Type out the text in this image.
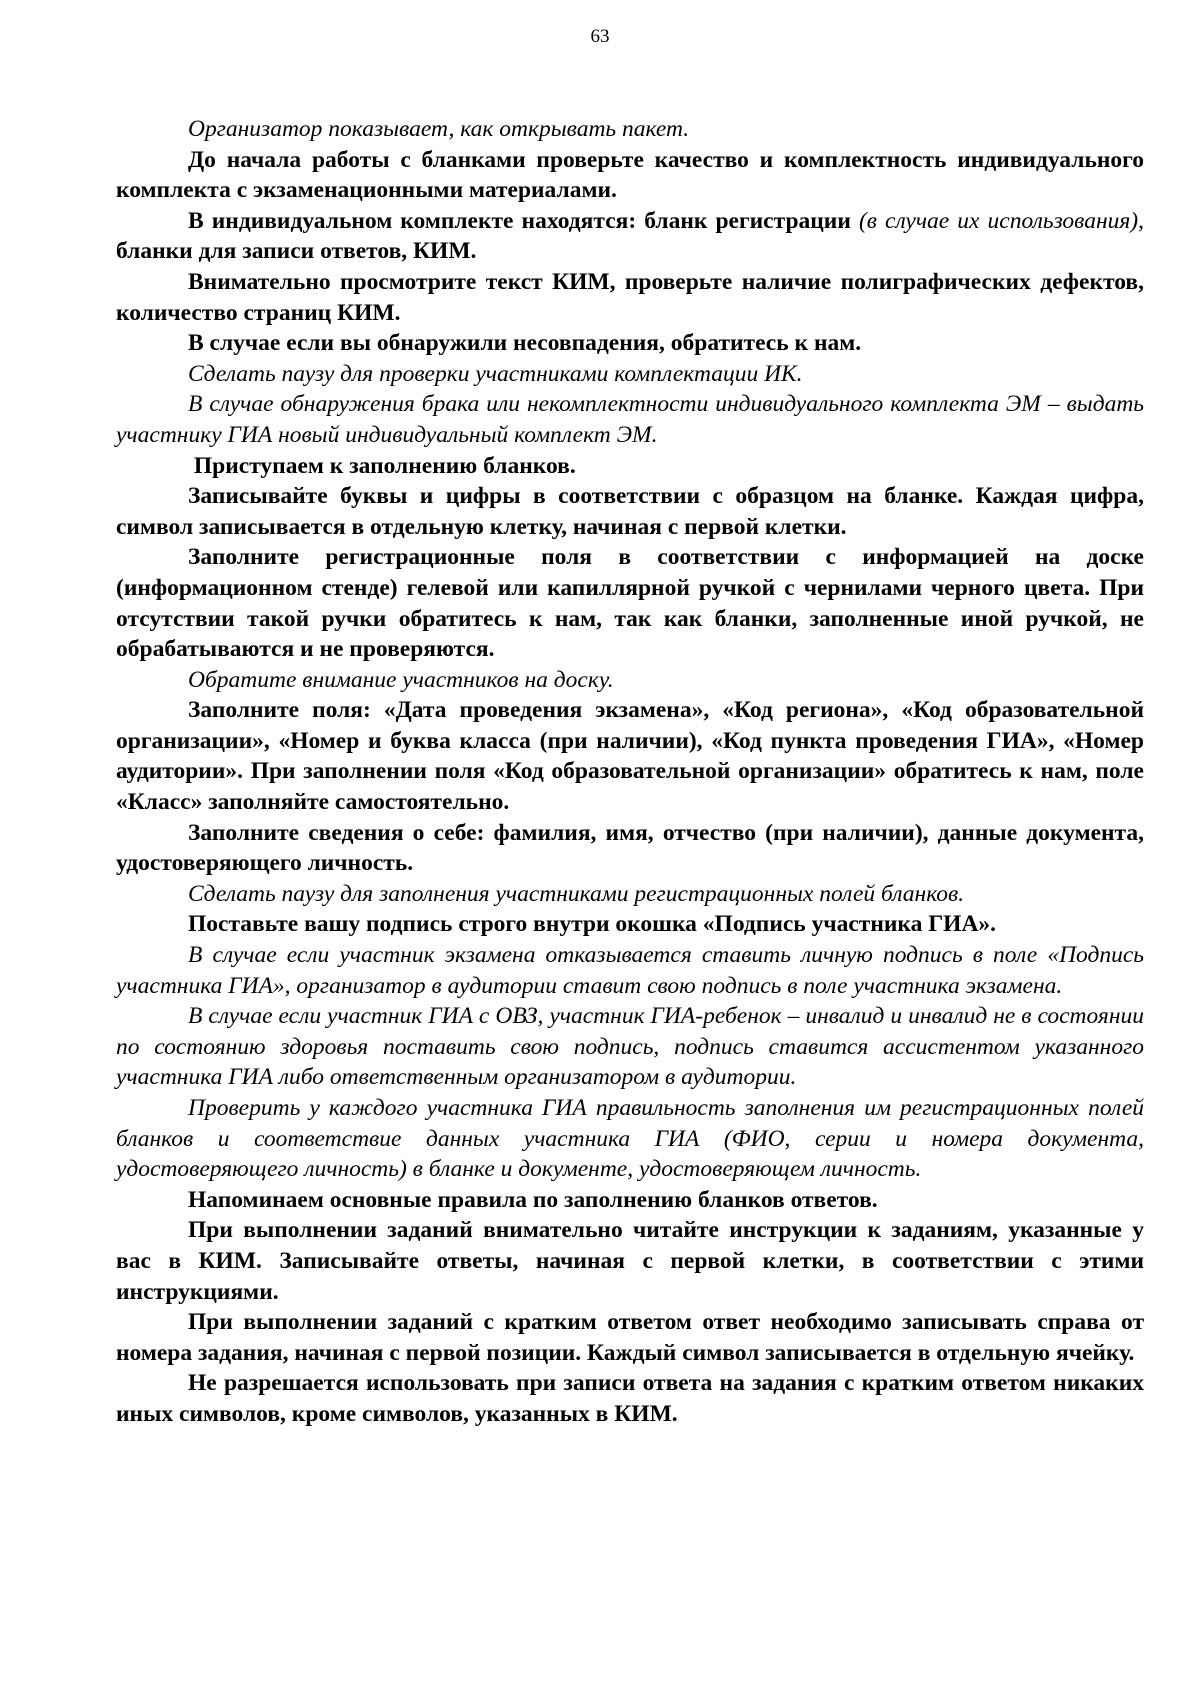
63

Организатор показывает, как открывать пакет.

До начала работы с бланками проверьте качество и комплектность индивидуального комплекта с экзаменационными материалами.

В индивидуальном комплекте находятся: бланк регистрации (в случае их использования), бланки для записи ответов, КИМ.

Внимательно просмотрите текст КИМ, проверьте наличие полиграфических дефектов, количество страниц КИМ.

В случае если вы обнаружили несовпадения, обратитесь к нам.

Сделать паузу для проверки участниками комплектации ИК.

В случае обнаружения брака или некомплектности индивидуального комплекта ЭМ – выдать участнику ГИА новый индивидуальный комплект ЭМ.

Приступаем к заполнению бланков.

Записывайте буквы и цифры в соответствии с образцом на бланке. Каждая цифра, символ записывается в отдельную клетку, начиная с первой клетки.

Заполните регистрационные поля в соответствии с информацией на доске (информационном стенде) гелевой или капиллярной ручкой с чернилами черного цвета. При отсутствии такой ручки обратитесь к нам, так как бланки, заполненные иной ручкой, не обрабатываются и не проверяются.

Обратите внимание участников на доску.

Заполните поля: «Дата проведения экзамена», «Код региона», «Код образовательной организации», «Номер и буква класса (при наличии), «Код пункта проведения ГИА», «Номер аудитории». При заполнении поля «Код образовательной организации» обратитесь к нам, поле «Класс» заполняйте самостоятельно.

Заполните сведения о себе: фамилия, имя, отчество (при наличии), данные документа, удостоверяющего личность.

Сделать паузу для заполнения участниками регистрационных полей бланков.

Поставьте вашу подпись строго внутри окошка «Подпись участника ГИА».

В случае если участник экзамена отказывается ставить личную подпись в поле «Подпись участника ГИА», организатор в аудитории ставит свою подпись в поле участника экзамена.

В случае если участник ГИА с ОВЗ, участник ГИА-ребенок – инвалид и инвалид не в состоянии по состоянию здоровья поставить свою подпись, подпись ставится ассистентом указанного участника ГИА либо ответственным организатором в аудитории.

Проверить у каждого участника ГИА правильность заполнения им регистрационных полей бланков и соответствие данных участника ГИА (ФИО, серии и номера документа, удостоверяющего личность) в бланке и документе, удостоверяющем личность.

Напоминаем основные правила по заполнению бланков ответов.

При выполнении заданий внимательно читайте инструкции к заданиям, указанные у вас в КИМ. Записывайте ответы, начиная с первой клетки, в соответствии с этими инструкциями.

При выполнении заданий с кратким ответом ответ необходимо записывать справа от номера задания, начиная с первой позиции. Каждый символ записывается в отдельную ячейку.

Не разрешается использовать при записи ответа на задания с кратким ответом никаких иных символов, кроме символов, указанных в КИМ.
